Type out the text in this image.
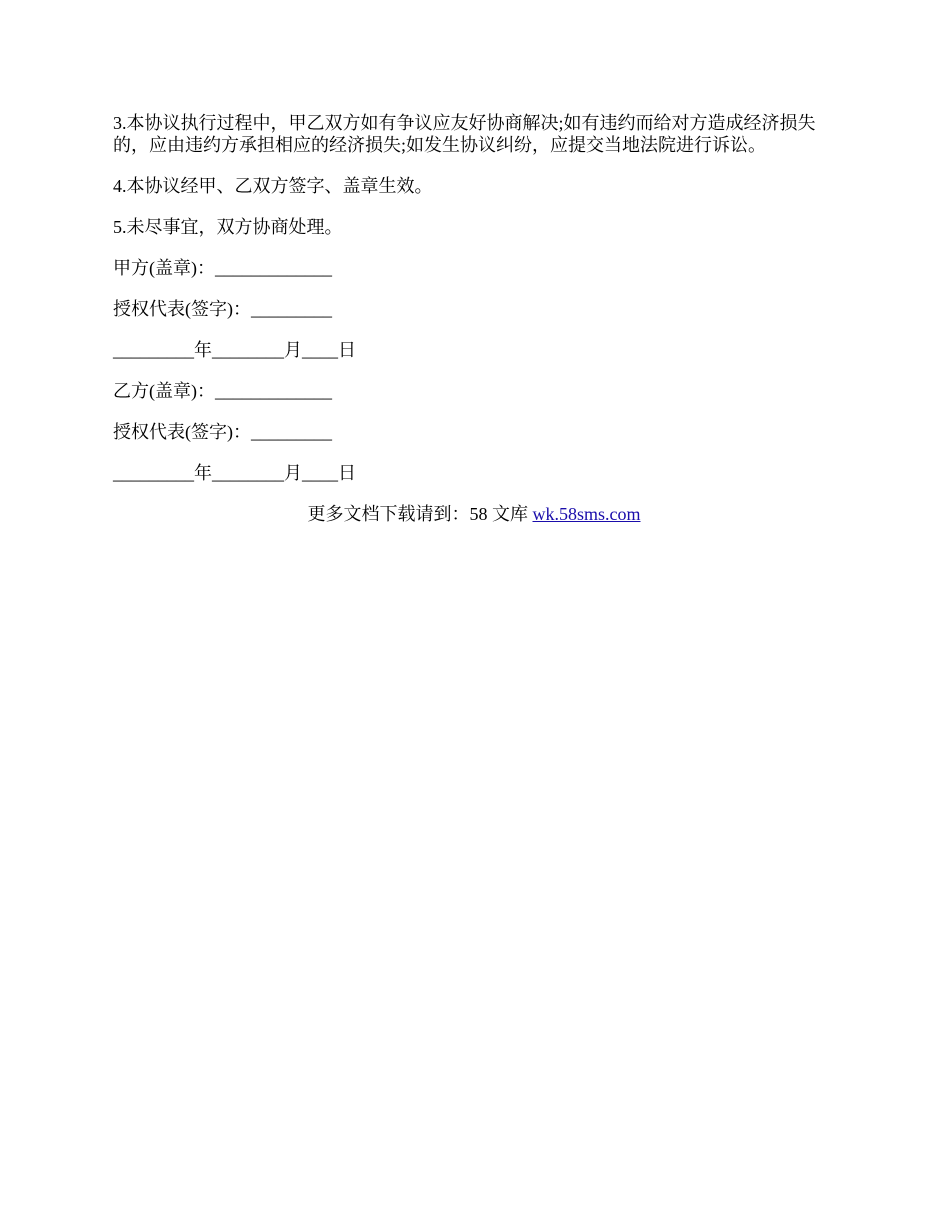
3.本协议执行过程中，甲乙双方如有争议应友好协商解决;如有违约而给对方造成经济损失的，应由违约方承担相应的经济损失;如发生协议纠纷，应提交当地法院进行诉讼。

4.本协议经甲、乙双方签字、盖章生效。

5.未尽事宜，双方协商处理。

甲方(盖章)：_____________

授权代表(签字)：_________

_________年________月____日

乙方(盖章)：_____________

授权代表(签字)：_________

_________年________月____日

更多文档下载请到：58 文库 wk.58sms.com
